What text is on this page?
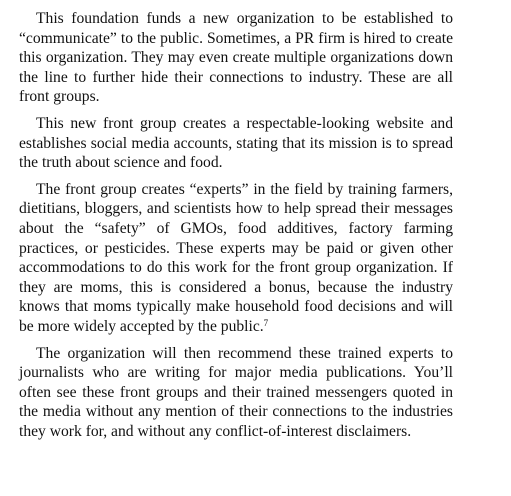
This foundation funds a new organization to be established to “communicate” to the public. Sometimes, a PR firm is hired to create this organization. They may even create multiple organizations down the line to further hide their connections to industry. These are all front groups.

This new front group creates a respectable-looking website and establishes social media accounts, stating that its mission is to spread the truth about science and food.

The front group creates “experts” in the field by training farmers, dietitians, bloggers, and scientists how to help spread their messages about the “safety” of GMOs, food additives, factory farming practices, or pesticides. These experts may be paid or given other accommodations to do this work for the front group organization. If they are moms, this is considered a bonus, because the industry knows that moms typically make household food decisions and will be more widely accepted by the public.$^7$

The organization will then recommend these trained experts to journalists who are writing for major media publications. You’ll often see these front groups and their trained messengers quoted in the media without any mention of their connections to the industries they work for, and without any conflict-of-interest disclaimers.
